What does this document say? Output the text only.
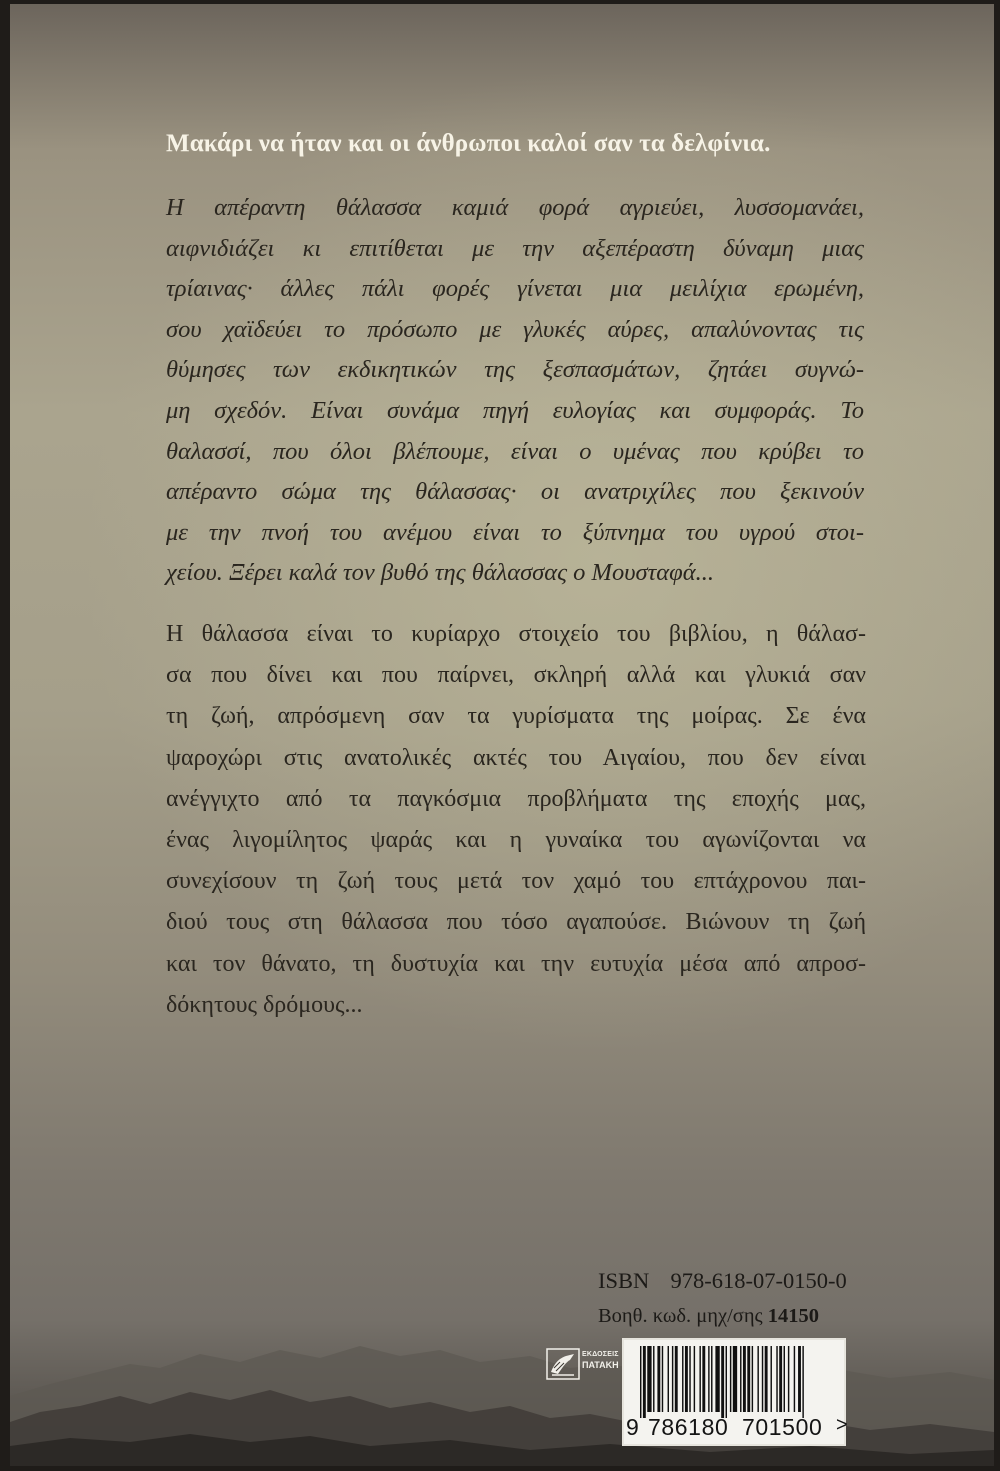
Μακάρι να ήταν και οι άνθρωποι καλοί σαν τα δελφίνια.
Η απέραντη θάλασσα καμιά φορά αγριεύει, λυσσομανάει,
αιφνιδιάζει κι επιτίθεται με την αξεπέραστη δύναμη μιας
τρίαινας· άλλες πάλι φορές γίνεται μια μειλίχια ερωμένη,
σου χαϊδεύει το πρόσωπο με γλυκές αύρες, απαλύνοντας τις
θύμησες των εκδικητικών της ξεσπασμάτων, ζητάει συγνώ-
μη σχεδόν. Είναι συνάμα πηγή ευλογίας και συμφοράς. Το
θαλασσί, που όλοι βλέπουμε, είναι ο υμένας που κρύβει το
απέραντο σώμα της θάλασσας· οι ανατριχίλες που ξεκινούν
με την πνοή του ανέμου είναι το ξύπνημα του υγρού στοι-
χείου. Ξέρει καλά τον βυθό της θάλασσας ο Μουσταφά...
Η θάλασσα είναι το κυρίαρχο στοιχείο του βιβλίου, η θάλασ-
σα που δίνει και που παίρνει, σκληρή αλλά και γλυκιά σαν
τη ζωή, απρόσμενη σαν τα γυρίσματα της μοίρας. Σε ένα
ψαροχώρι στις ανατολικές ακτές του Αιγαίου, που δεν είναι
ανέγγιχτο από τα παγκόσμια προβλήματα της εποχής μας,
ένας λιγομίλητος ψαράς και η γυναίκα του αγωνίζονται να
συνεχίσουν τη ζωή τους μετά τον χαμό του επτάχρονου παι-
διού τους στη θάλασσα που τόσο αγαπούσε. Βιώνουν τη ζωή
και τον θάνατο, τη δυστυχία και την ευτυχία μέσα από απροσ-
δόκητους δρόμους...
ISBN 978-618-07-0150-0
Βοηθ. κωδ. μηχ/σης 14150
ΕΚΔΟΣΕΙΣ
ΠΑΤΑΚΗ
9 786180 701500 >
